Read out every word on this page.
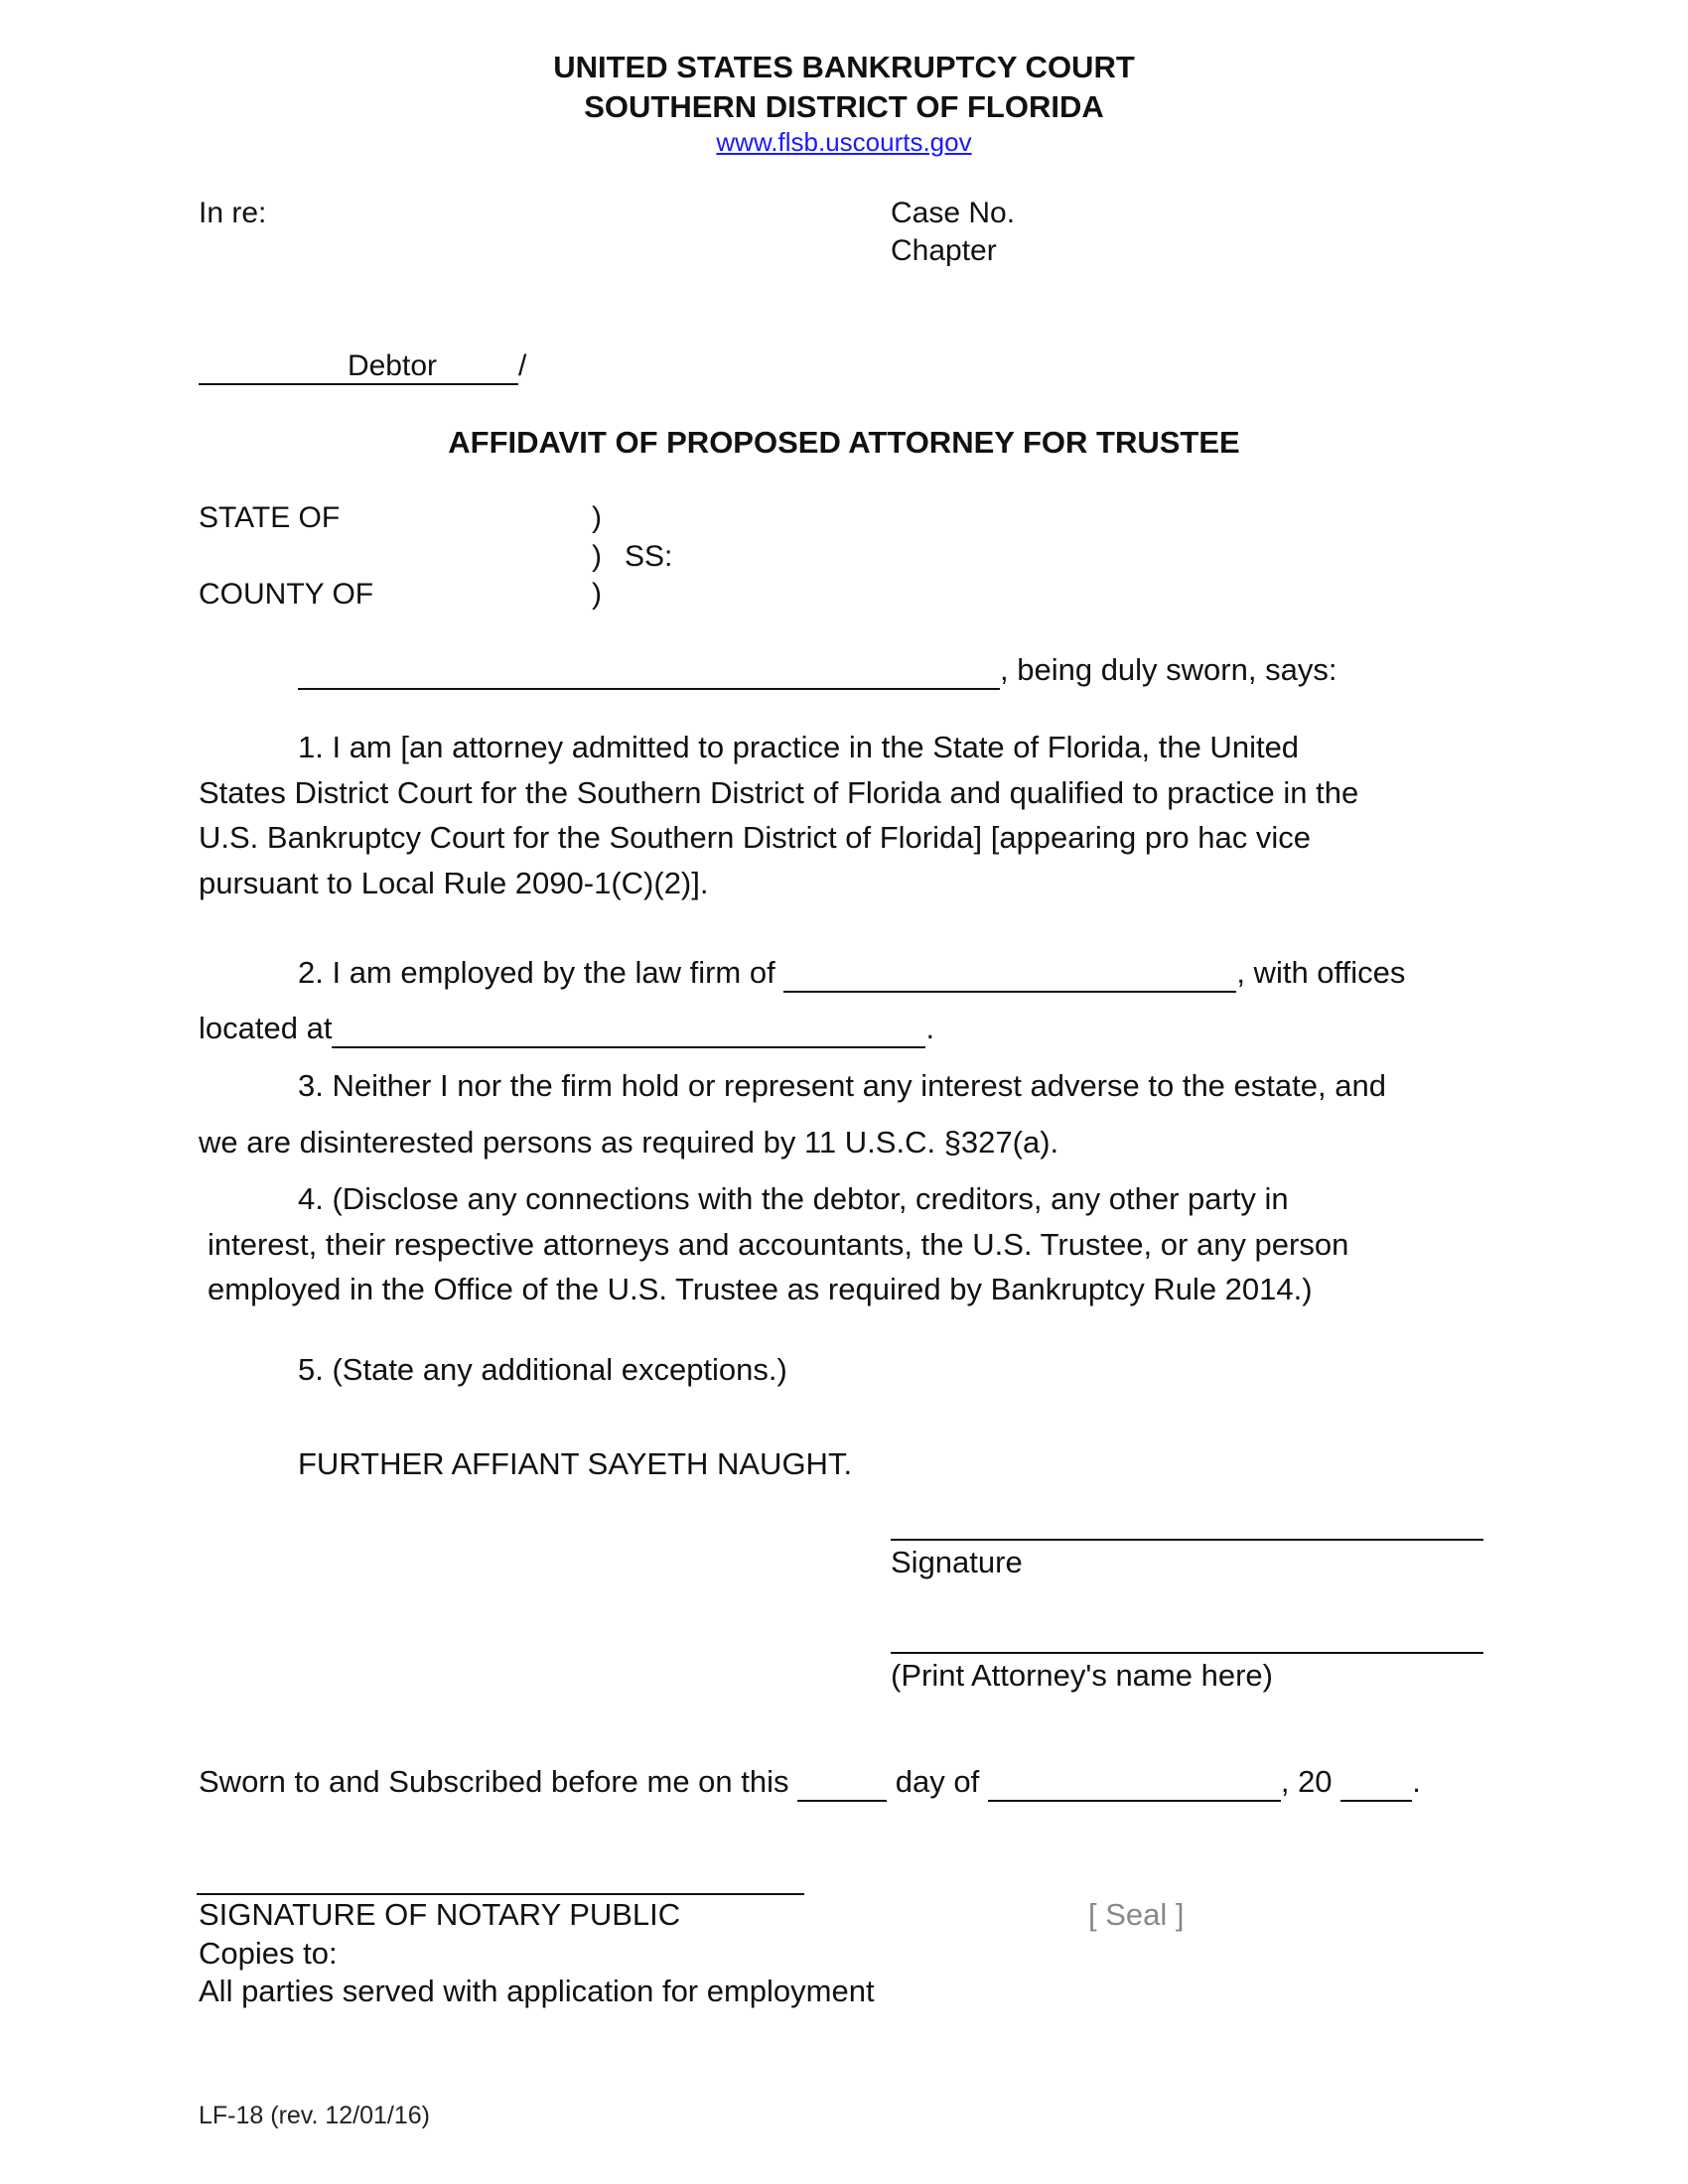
UNITED STATES BANKRUPTCY COURT
SOUTHERN DISTRICT OF FLORIDA
www.flsb.uscourts.gov
In re:	Case No.
Chapter
Debtor	/
AFFIDAVIT OF PROPOSED ATTORNEY FOR TRUSTEE
STATE OF	)
) SS:
COUNTY OF	)
, being duly sworn, says:
1. I am [an attorney admitted to practice in the State of Florida, the United
States District Court for the Southern District of Florida and qualified to practice in the
U.S. Bankruptcy Court for the Southern District of Florida] [appearing pro hac vice
pursuant to Local Rule 2090-1(C)(2)].
2. I am employed by the law firm of	, with offices
located at	.
3. Neither I nor the firm hold or represent any interest adverse to the estate, and
we are disinterested persons as required by 11 U.S.C. §327(a).
4. (Disclose any connections with the debtor, creditors, any other party in
interest, their respective attorneys and accountants, the U.S. Trustee, or any person
employed in the Office of the U.S. Trustee as required by Bankruptcy Rule 2014.)
5. (State any additional exceptions.)
FURTHER AFFIANT SAYETH NAUGHT.
Signature
(Print Attorney's name here)
Sworn to and Subscribed before me on this	day of	, 20	.
SIGNATURE OF NOTARY PUBLIC	[ Seal ]
Copies to:
All parties served with application for employment
LF-18 (rev. 12/01/16)
